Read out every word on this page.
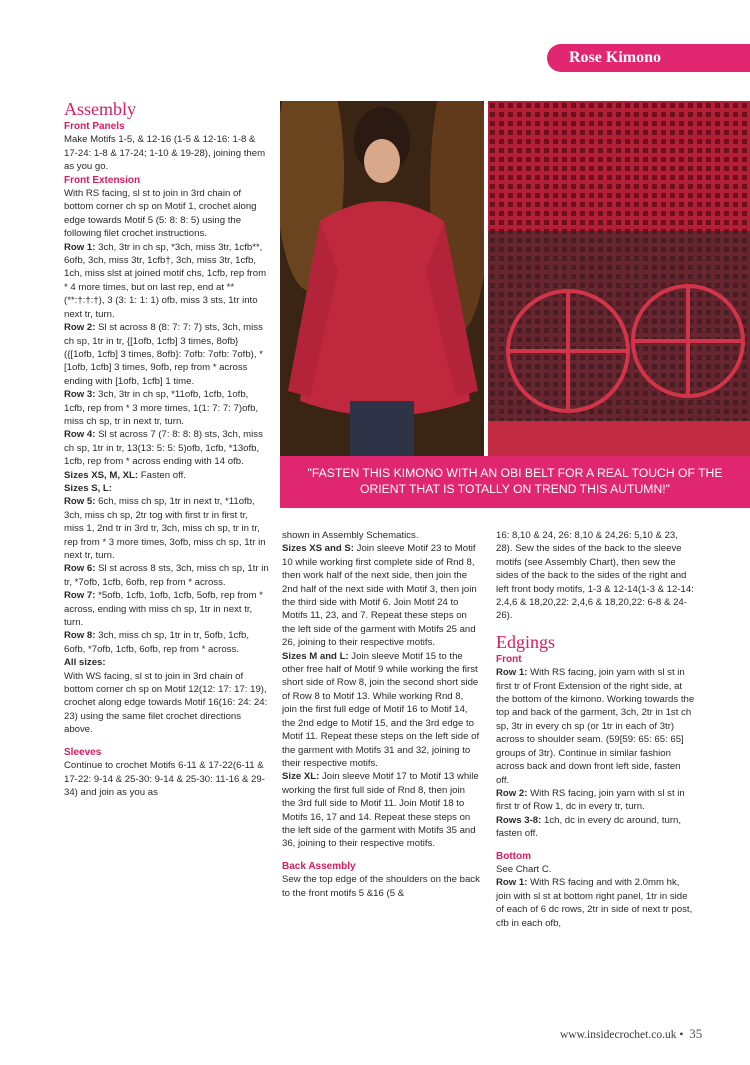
Rose Kimono

Assembly

Front Panels

Make Motifs 1-5, & 12-16 (1-5 & 12-16: 1-8 & 17-24: 1-8 & 17-24; 1-10 & 19-28), joining them as you go.

Front Extension

With RS facing, sl st to join in 3rd chain of bottom corner ch sp on Motif 1, crochet along edge towards Motif 5 (5: 8: 8: 5) using the following filet crochet instructions.

Row 1: 3ch, 3tr in ch sp, *3ch, miss 3tr, 1cfb**, 6ofb, 3ch, miss 3tr, 1cfb†, 3ch, miss 3tr, 1cfb, 1ch, miss slst at joined motif chs, 1cfb, rep from * 4 more times, but on last rep, end at ** (**:†:†:†), 3 (3: 1: 1: 1) ofb, miss 3 sts, 1tr into next tr, turn.

Row 2: Sl st across 8 (8: 7: 7: 7) sts, 3ch, miss ch sp, 1tr in tr, {[1ofb, 1cfb] 3 times, 8ofb} ({[1ofb, 1cfb] 3 times, 8ofb}: 7ofb: 7ofb: 7ofb), *[1ofb, 1cfb] 3 times, 9ofb, rep from * across ending with [1ofb, 1cfb] 1 time.

Row 3: 3ch, 3tr in ch sp, *11ofb, 1cfb, 1ofb, 1cfb, rep from * 3 more times, 1(1: 7: 7: 7)ofb, miss ch sp, tr in next tr, turn.

Row 4: Sl st across 7 (7: 8: 8: 8) sts, 3ch, miss ch sp, 1tr in tr, 13(13: 5: 5: 5)ofb, 1cfb, *13ofb, 1cfb, rep from * across ending with 14 ofb.

Sizes XS, M, XL: Fasten off.

Sizes S, L:

Row 5: 6ch, miss ch sp, 1tr in next tr, *11ofb, 3ch, miss ch sp, 2tr tog with first tr in first tr, miss 1, 2nd tr in 3rd tr, 3ch, miss ch sp, tr in tr, rep from * 3 more times, 3ofb, miss ch sp, 1tr in next tr, turn.

Row 6: Sl st across 8 sts, 3ch, miss ch sp, 1tr in tr, *7ofb, 1cfb, 6ofb, rep from * across.

Row 7: *5ofb, 1cfb, 1ofb, 1cfb, 5ofb, rep from * across, ending with miss ch sp, 1tr in next tr, turn.

Row 8: 3ch, miss ch sp, 1tr in tr, 5ofb, 1cfb, 6ofb, *7ofb, 1cfb, 6ofb, rep from * across.

All sizes:

With WS facing, sl st to join in 3rd chain of bottom corner ch sp on Motif 12(12: 17: 17: 19), crochet along edge towards Motif 16(16: 24: 24: 23) using the same filet crochet directions above.

Sleeves

Continue to crochet Motifs 6-11 & 17-22(6-11 & 17-22: 9-14 & 25-30: 9-14 & 25-30: 11-16 & 29-34) and join as you as

"FASTEN THIS KIMONO WITH AN OBI BELT FOR A REAL TOUCH OF THE ORIENT THAT IS TOTALLY ON TREND THIS AUTUMN!"

shown in Assembly Schematics.

Sizes XS and S: Join sleeve Motif 23 to Motif 10 while working first complete side of Rnd 8, then work half of the next side, then join the 2nd half of the next side with Motif 3, then join the third side with Motif 6. Join Motif 24 to Motifs 11, 23, and 7. Repeat these steps on the left side of the garment with Motifs 25 and 26, joining to their respective motifs.

Sizes M and L: Join sleeve Motif 15 to the other free half of Motif 9 while working the first short side of Row 8, join the second short side of Row 8 to Motif 13. While working Rnd 8, join the first full edge of Motif 16 to Motif 14, the 2nd edge to Motif 15, and the 3rd edge to Motif 11. Repeat these steps on the left side of the garment with Motifs 31 and 32, joining to their respective motifs.

Size XL: Join sleeve Motif 17 to Motif 13 while working the first full side of Rnd 8, then join the 3rd full side to Motif 11. Join Motif 18 to Motifs 16, 17 and 14. Repeat these steps on the left side of the garment with Motifs 35 and 36, joining to their respective motifs.

Back Assembly

Sew the top edge of the shoulders on the back to the front motifs 5 &16 (5 &

16: 8,10 & 24, 26: 8,10 & 24,26: 5,10 & 23, 28). Sew the sides of the back to the sleeve motifs (see Assembly Chart), then sew the sides of the back to the sides of the right and left front body motifs, 1-3 & 12-14(1-3 & 12-14: 2,4,6 & 18,20,22: 2,4,6 & 18,20,22: 6-8 & 24-26).

Edgings

Front

Row 1: With RS facing, join yarn with sl st in first tr of Front Extension of the right side, at the bottom of the kimono. Working towards the top and back of the garment, 3ch, 2tr in 1st ch sp, 3tr in every ch sp (or 1tr in each of 3tr) across to shoulder seam. (59[59: 65: 65: 65] groups of 3tr). Continue in similar fashion across back and down front left side, fasten off.

Row 2: With RS facing, join yarn with sl st in first tr of Row 1, dc in every tr, turn.

Rows 3-8: 1ch, dc in every dc around, turn, fasten off.

Bottom

See Chart C.

Row 1: With RS facing and with 2.0mm hk, join with sl st at bottom right panel, 1tr in side of each of 6 dc rows, 2tr in side of next tr post, cfb in each ofb,

www.insidecrochet.co.uk • 35
